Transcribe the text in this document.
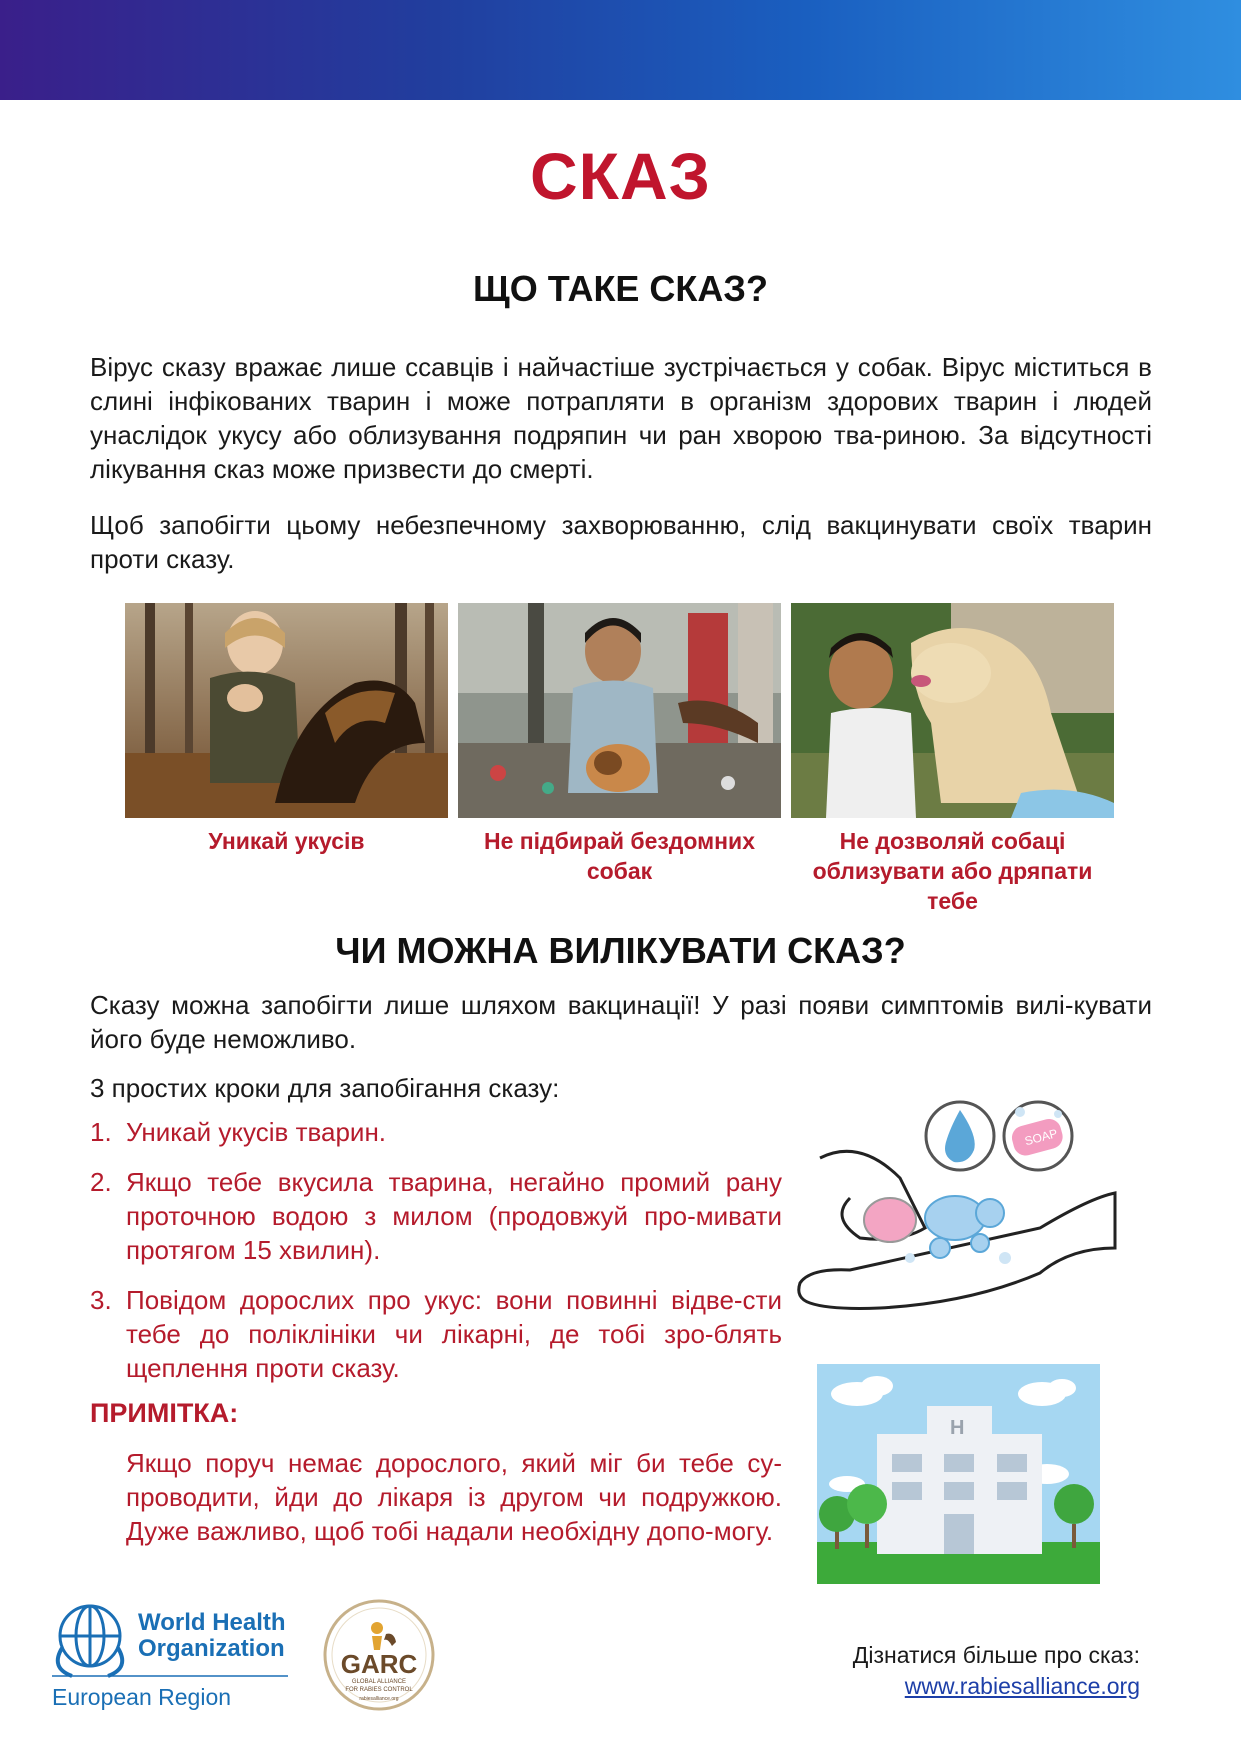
СКАЗ
ЩО ТАКЕ СКАЗ?
Вірус сказу вражає лише ссавців і найчастіше зустрічається у собак. Вірус міститься в слині інфікованих тварин і може потрапляти в організм здорових тварин і людей унаслідок укусу або облизування подряпин чи ран хворою тва-риною. За відсутності лікування сказ може призвести до смерті.
Щоб запобігти цьому небезпечному захворюванню, слід вакцинувати своїх тварин проти сказу.
Уникай укусів	Не підбирай бездомних собак
Не дозволяй собаці облизувати або дряпати тебе
ЧИ МОЖНА ВИЛІКУВАТИ СКАЗ?
Сказу можна запобігти лише шляхом вакцинації! У разі появи симптомів вилі-кувати його буде неможливо.
3 простих кроки для запобігання сказу:
1. Уникай укусів тварин.
2. Якщо тебе вкусила тварина, негайно промий рану проточною водою з милом (продовжуй про-мивати протягом 15 хвилин).
3. Повідом дорослих про укус: вони повинні відве-сти тебе до поліклініки чи лікарні, де тобі зро-блять щеплення проти сказу.
ПРИМІТКА:
Якщо поруч немає дорослого, який міг би тебе су-проводити, йди до лікаря із другом чи подружкою. Дуже важливо, щоб тобі надали необхідну допо-могу.
SOAP
H
World Health
Organization
European Region
GARC
GLOBAL ALLIANCE
FOR RABIES CONTROL
rabiesalliance.org
Дізнатися більше про сказ:
www.rabiesalliance.org
